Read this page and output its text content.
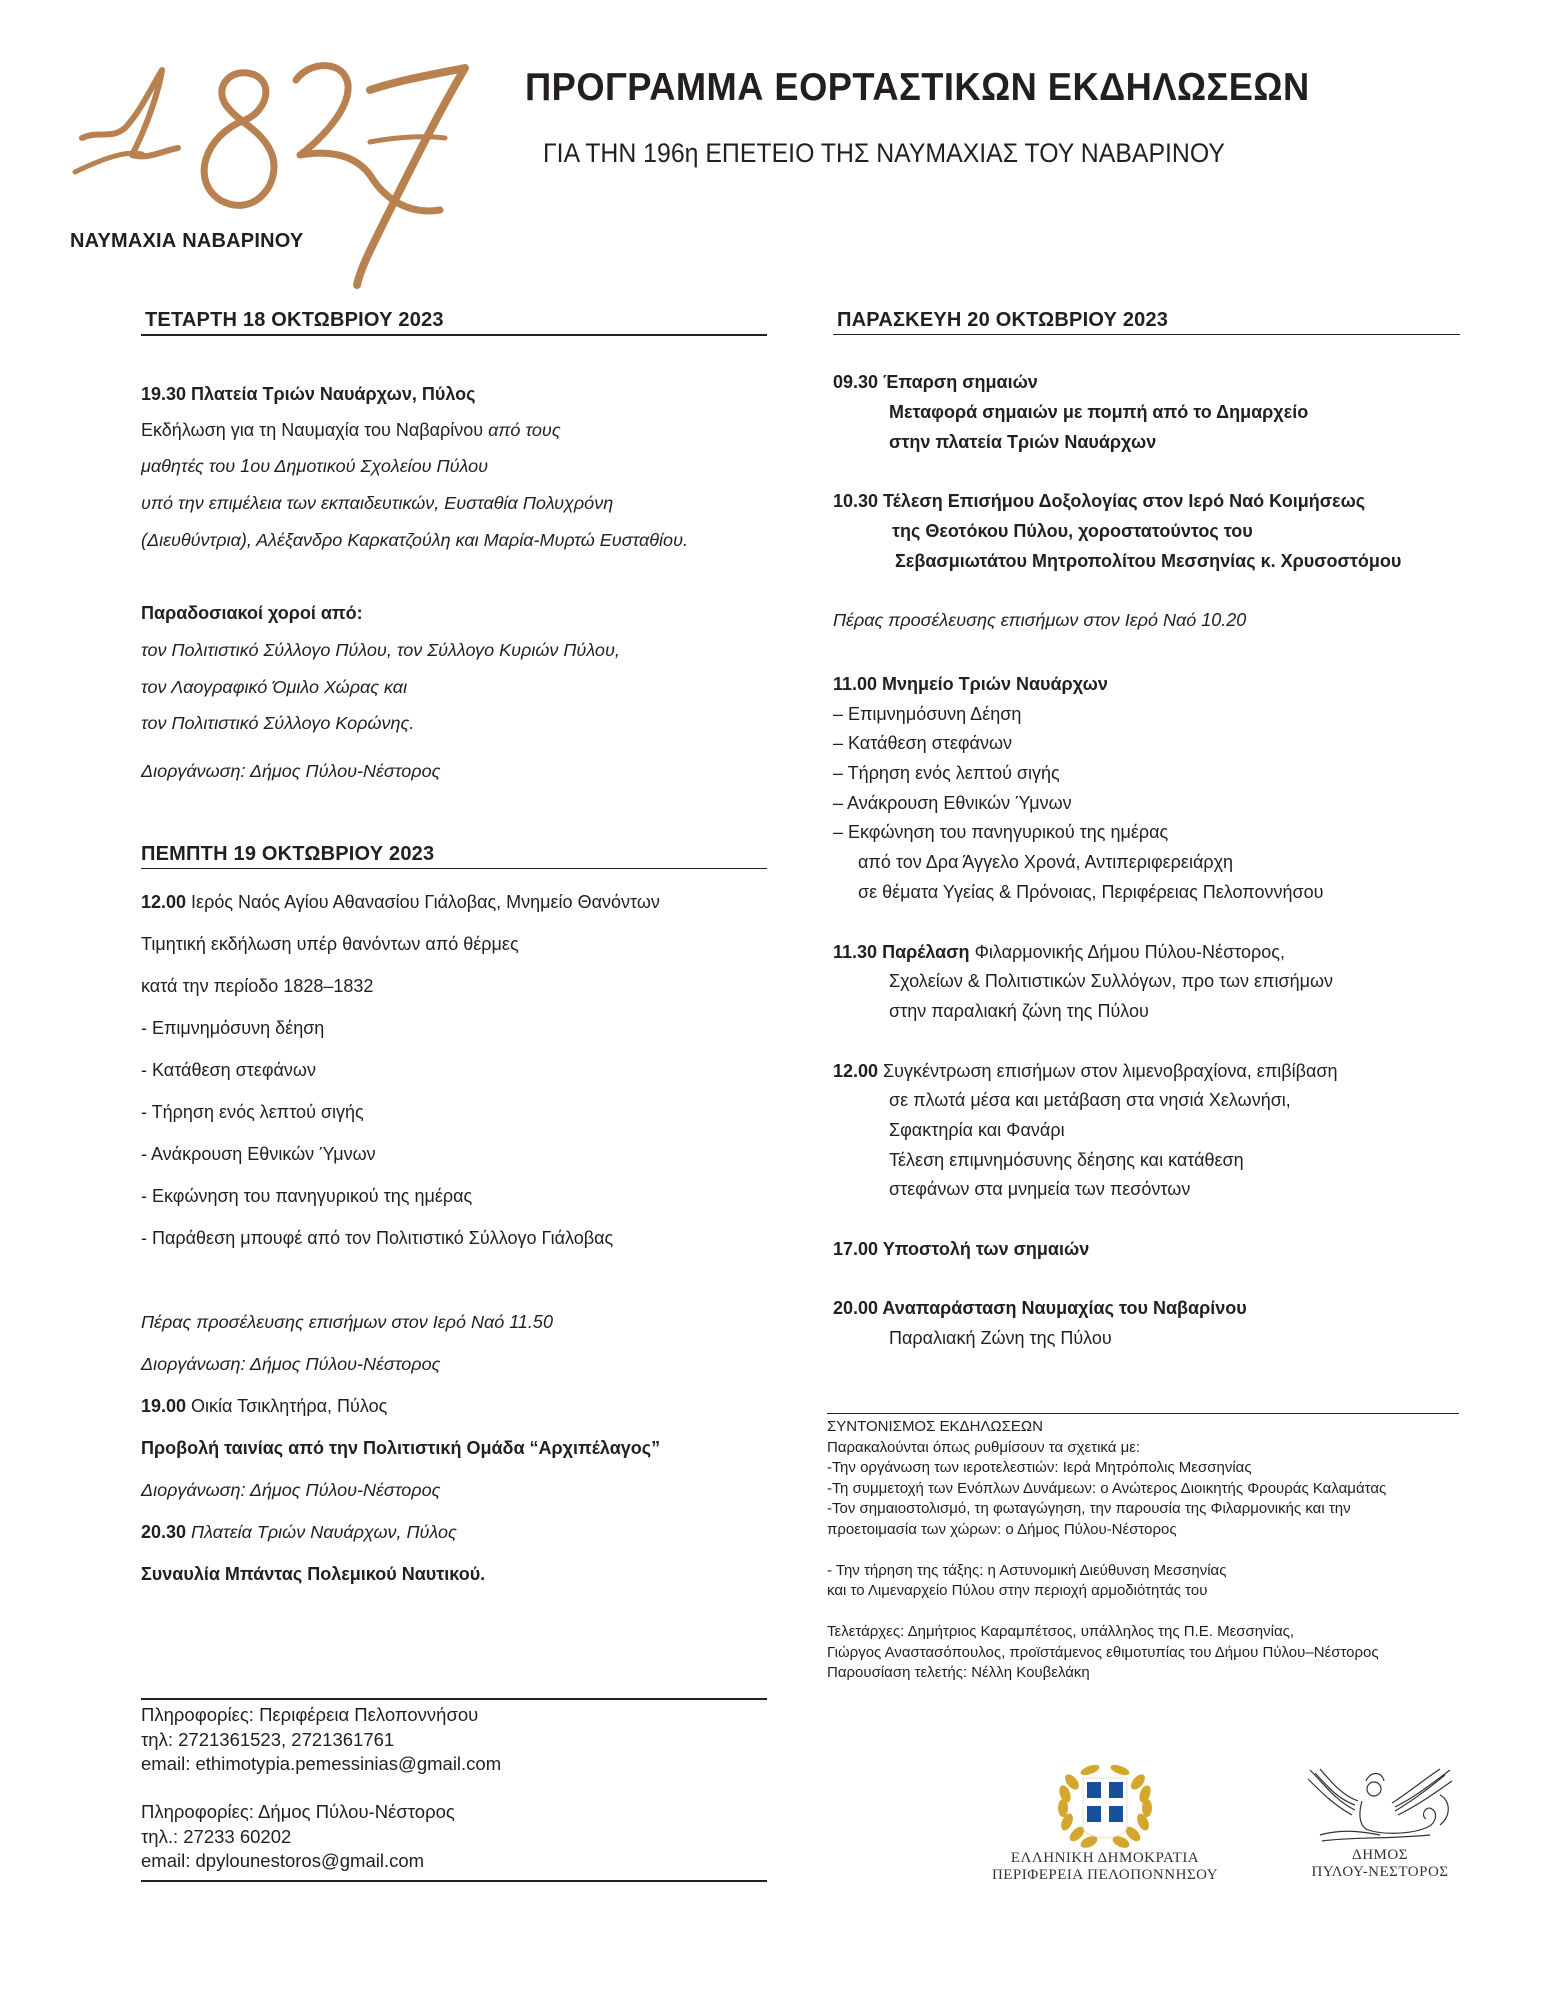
ΝΑΥΜΑΧΙΑ ΝΑΒΑΡΙΝΟΥ
ΠΡΟΓΡΑΜΜΑ ΕΟΡΤΑΣΤΙΚΩΝ ΕΚΔΗΛΩΣΕΩΝ
ΓΙΑ ΤΗΝ 196η ΕΠΕΤΕΙΟ ΤΗΣ ΝΑΥΜΑΧΙΑΣ ΤΟΥ ΝΑΒΑΡΙΝΟΥ
ΤΕΤΑΡΤΗ 18 ΟΚΤΩΒΡΙΟΥ 2023
19.30 Πλατεία Τριών Ναυάρχων, Πύλος
Εκδήλωση για τη Ναυμαχία του Ναβαρίνου από τους
μαθητές του 1ου Δημοτικού Σχολείου Πύλου
υπό την επιμέλεια των εκπαιδευτικών, Ευσταθία Πολυχρόνη
(Διευθύντρια), Αλέξανδρο Καρκατζούλη και Μαρία-Μυρτώ Ευσταθίου.
Παραδοσιακοί χοροί από:
τον Πολιτιστικό Σύλλογο Πύλου, τον Σύλλογο Κυριών Πύλου,
τον Λαογραφικό Όμιλο Χώρας και
τον Πολιτιστικό Σύλλογο Κορώνης.
Διοργάνωση: Δήμος Πύλου-Νέστορος
ΠΕΜΠΤΗ 19 ΟΚΤΩΒΡΙΟΥ 2023
12.00 Ιερός Ναός Αγίου Αθανασίου Γιάλοβας, Μνημείο Θανόντων
Τιμητική εκδήλωση υπέρ θανόντων από θέρμες
κατά την περίοδο 1828–1832
- Επιμνημόσυνη δέηση
- Κατάθεση στεφάνων
- Τήρηση ενός λεπτού σιγής
- Ανάκρουση Εθνικών Ύμνων
- Εκφώνηση του πανηγυρικού της ημέρας
- Παράθεση μπουφέ από τον Πολιτιστικό Σύλλογο Γιάλοβας
Πέρας προσέλευσης επισήμων στον Ιερό Ναό 11.50
Διοργάνωση: Δήμος Πύλου-Νέστορος
19.00 Οικία Τσικλητήρα, Πύλος
Προβολή ταινίας από την Πολιτιστική Ομάδα “Αρχιπέλαγος”
Διοργάνωση: Δήμος Πύλου-Νέστορος
20.30 Πλατεία Τριών Ναυάρχων, Πύλος
Συναυλία Μπάντας Πολεμικού Ναυτικού.
Πληροφορίες: Περιφέρεια Πελοποννήσου
τηλ: 2721361523, 2721361761
email: ethimotypia.pemessinias@gmail.com
Πληροφορίες: Δήμος Πύλου-Νέστορος
τηλ.: 27233 60202
email: dpylounestoros@gmail.com
ΠΑΡΑΣΚΕΥΗ 20 ΟΚΤΩΒΡΙΟΥ 2023
09.30 Έπαρση σημαιών
Μεταφορά σημαιών με πομπή από το Δημαρχείο
στην πλατεία Τριών Ναυάρχων
10.30 Τέλεση Επισήμου Δοξολογίας στον Ιερό Ναό Κοιμήσεως
της Θεοτόκου Πύλου, χοροστατούντος του
Σεβασμιωτάτου Μητροπολίτου Μεσσηνίας κ. Χρυσοστόμου
Πέρας προσέλευσης επισήμων στον Ιερό Ναό 10.20
11.00 Μνημείο Τριών Ναυάρχων
– Επιμνημόσυνη Δέηση
– Κατάθεση στεφάνων
– Τήρηση ενός λεπτού σιγής
– Ανάκρουση Εθνικών Ύμνων
– Εκφώνηση του πανηγυρικού της ημέρας
από τον Δρα Άγγελο Χρονά, Αντιπεριφερειάρχη
σε θέματα Υγείας & Πρόνοιας, Περιφέρειας Πελοποννήσου
11.30 Παρέλαση Φιλαρμονικής Δήμου Πύλου-Νέστορος,
Σχολείων & Πολιτιστικών Συλλόγων, προ των επισήμων
στην παραλιακή ζώνη της Πύλου
12.00 Συγκέντρωση επισήμων στον λιμενοβραχίονα, επιβίβαση
σε πλωτά μέσα και μετάβαση στα νησιά Χελωνήσι,
Σφακτηρία και Φανάρι
Τέλεση επιμνημόσυνης δέησης και κατάθεση
στεφάνων στα μνημεία των πεσόντων
17.00 Υποστολή των σημαιών
20.00 Αναπαράσταση Ναυμαχίας του Ναβαρίνου
Παραλιακή Ζώνη της Πύλου
ΣΥΝΤΟΝΙΣΜΟΣ ΕΚΔΗΛΩΣΕΩΝ
Παρακαλούνται όπως ρυθμίσουν τα σχετικά με:
-Την οργάνωση των ιεροτελεστιών: Ιερά Μητρόπολις Μεσσηνίας
-Τη συμμετοχή των Ενόπλων Δυνάμεων: ο Ανώτερος Διοικητής Φρουράς Καλαμάτας
-Τον σημαιοστολισμό, τη φωταγώγηση, την παρουσία της Φιλαρμονικής και την
προετοιμασία των χώρων: ο Δήμος Πύλου-Νέστορος
- Την τήρηση της τάξης: η Αστυνομική Διεύθυνση Μεσσηνίας
και το Λιμεναρχείο Πύλου στην περιοχή αρμοδιότητάς του
Τελετάρχες: Δημήτριος Καραμπέτσος, υπάλληλος της Π.Ε. Μεσσηνίας,
Γιώργος Αναστασόπουλος, προϊστάμενος εθιμοτυπίας του Δήμου Πύλου–Νέστορος
Παρουσίαση τελετής: Νέλλη Κουβελάκη
ΕΛΛΗΝΙΚΗ ΔΗΜΟΚΡΑΤΙΑ
ΠΕΡΙΦΕΡΕΙΑ ΠΕΛΟΠΟΝΝΗΣΟΥ
ΔΗΜΟΣ
ΠΥΛΟΥ-ΝΕΣΤΟΡΟΣ
